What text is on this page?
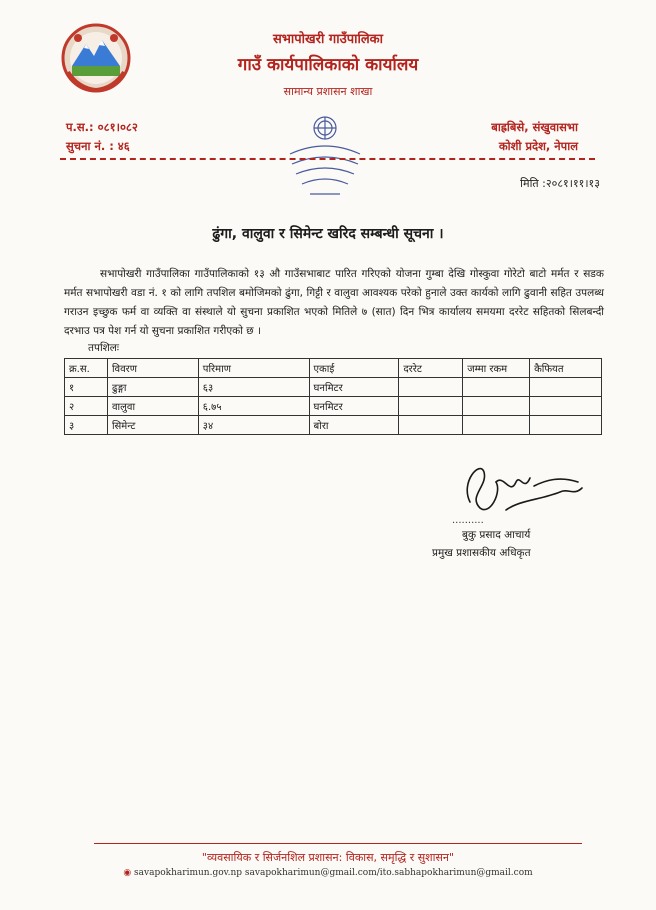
सभापोखरी गाउँपालिका
गाउँ कार्यपालिकाको कार्यालय
सामान्य प्रशासन शाखा
प.स.: ०८१।०८२
सुचना नं. : ४६
बाह्रबिसे, संखुवासभा
कोशी प्रदेश, नेपाल
मिति :२०८१।११।१३
ढुंगा, वालुवा र सिमेन्ट खरिद सम्बन्धी सूचना ।
सभापोखरी गाउँपालिका गाउँपालिकाको १३ औ गाउँसभाबाट पारित गरिएको योजना गुम्बा देखि गोस्कुवा गोरेटो बाटो मर्मत र सडक मर्मत सभापोखरी वडा नं. १ को लागि तपशिल बमोजिमको ढुंगा, गिट्टी र वालुवा आवश्यक परेको हुनाले उक्त कार्यको लागि ढुवानी सहित उपलब्ध गराउन इच्छुक फर्म वा व्यक्ति वा संस्थाले यो सुचना प्रकाशित भएको मितिले ७ (सात) दिन भित्र कार्यालय समयमा दररेट सहितको सिलबन्दी दरभाउ पत्र पेश गर्न यो सुचना प्रकाशित गरीएको छ ।
तपशिलः
क्र.स.	विवरण	परिमाण	एकाई	दररेट	जम्मा रकम	कैफियत
१	ढुङ्गा	६३	घनमिटर			
२	वालुवा	६.७५	घनमिटर			
३	सिमेन्ट	३४	बोरा			
..........
बुकु प्रसाद आचार्य
प्रमुख प्रशासकीय अधिकृत
"व्यवसायिक र सिर्जनशिल प्रशासन: विकास, समृद्धि र सुशासन"
◉ savapokharimun.gov.np savapokharimun@gmail.com/ito.sabhapokharimun@gmail.com
